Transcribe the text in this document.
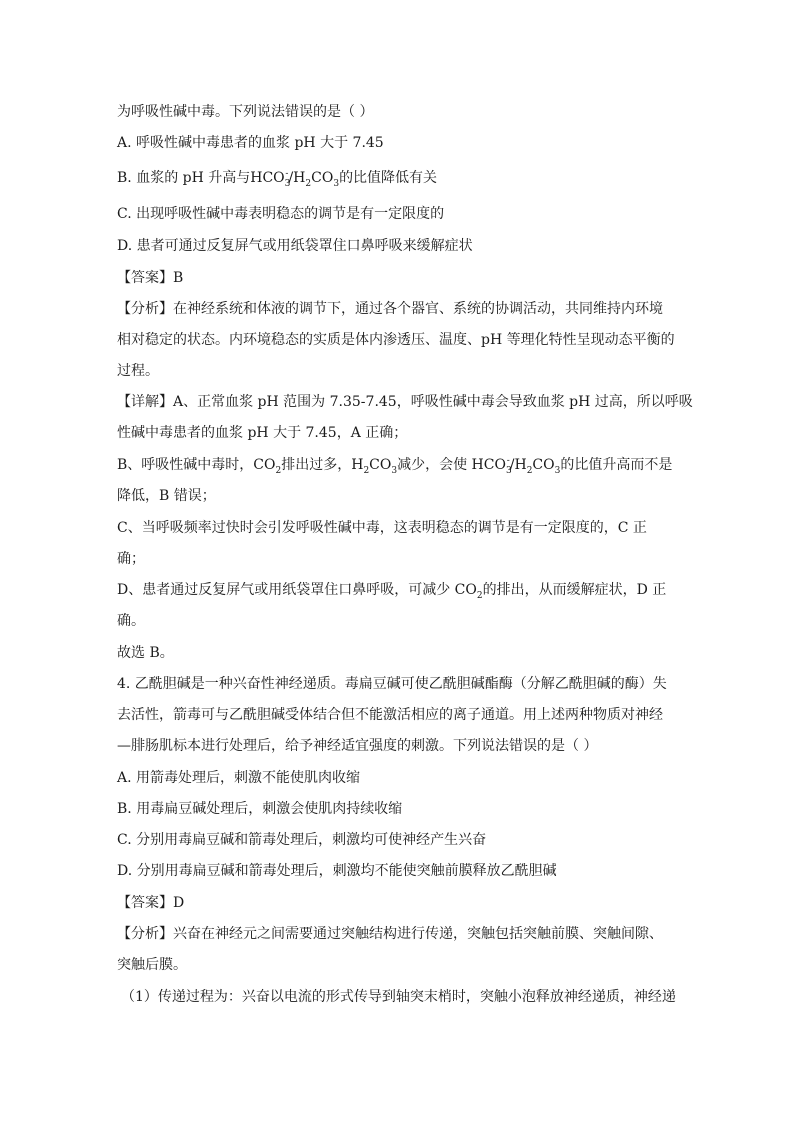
为呼吸性碱中毒。下列说法错误的是（ ）
A. 呼吸性碱中毒患者的血浆 pH 大于 7.45
B. 血浆的 pH 升高与$HCO_3^-/H_2CO_3$的比值降低有关
C. 出现呼吸性碱中毒表明稳态的调节是有一定限度的
D. 患者可通过反复屏气或用纸袋罩住口鼻呼吸来缓解症状
【答案】B
【分析】在神经系统和体液的调节下，通过各个器官、系统的协调活动，共同维持内环境
相对稳定的状态。内环境稳态的实质是体内渗透压、温度、pH 等理化特性呈现动态平衡的
过程。
【详解】A、正常血浆 pH 范围为 7.35-7.45，呼吸性碱中毒会导致血浆 pH 过高，所以呼吸
性碱中毒患者的血浆 pH 大于 7.45，A 正确；
B、呼吸性碱中毒时，$CO_2$排出过多，$H_2CO_3$减少，会使 $HCO_3^-/H_2CO_3$的比值升高而不是
降低，B 错误；
C、当呼吸频率过快时会引发呼吸性碱中毒，这表明稳态的调节是有一定限度的，C 正
确；
D、患者通过反复屏气或用纸袋罩住口鼻呼吸，可减少 $CO_2$的排出，从而缓解症状，D 正
确。
故选 B。
4. 乙酰胆碱是一种兴奋性神经递质。毒扁豆碱可使乙酰胆碱酯酶（分解乙酰胆碱的酶）失
去活性，箭毒可与乙酰胆碱受体结合但不能激活相应的离子通道。用上述两种物质对神经
—腓肠肌标本进行处理后，给予神经适宜强度的刺激。下列说法错误的是（ ）
A. 用箭毒处理后，刺激不能使肌肉收缩
B. 用毒扁豆碱处理后，刺激会使肌肉持续收缩
C. 分别用毒扁豆碱和箭毒处理后，刺激均可使神经产生兴奋
D. 分别用毒扁豆碱和箭毒处理后，刺激均不能使突触前膜释放乙酰胆碱
【答案】D
【分析】兴奋在神经元之间需要通过突触结构进行传递，突触包括突触前膜、突触间隙、
突触后膜。
（1）传递过程为：兴奋以电流的形式传导到轴突末梢时，突触小泡释放神经递质，神经递
